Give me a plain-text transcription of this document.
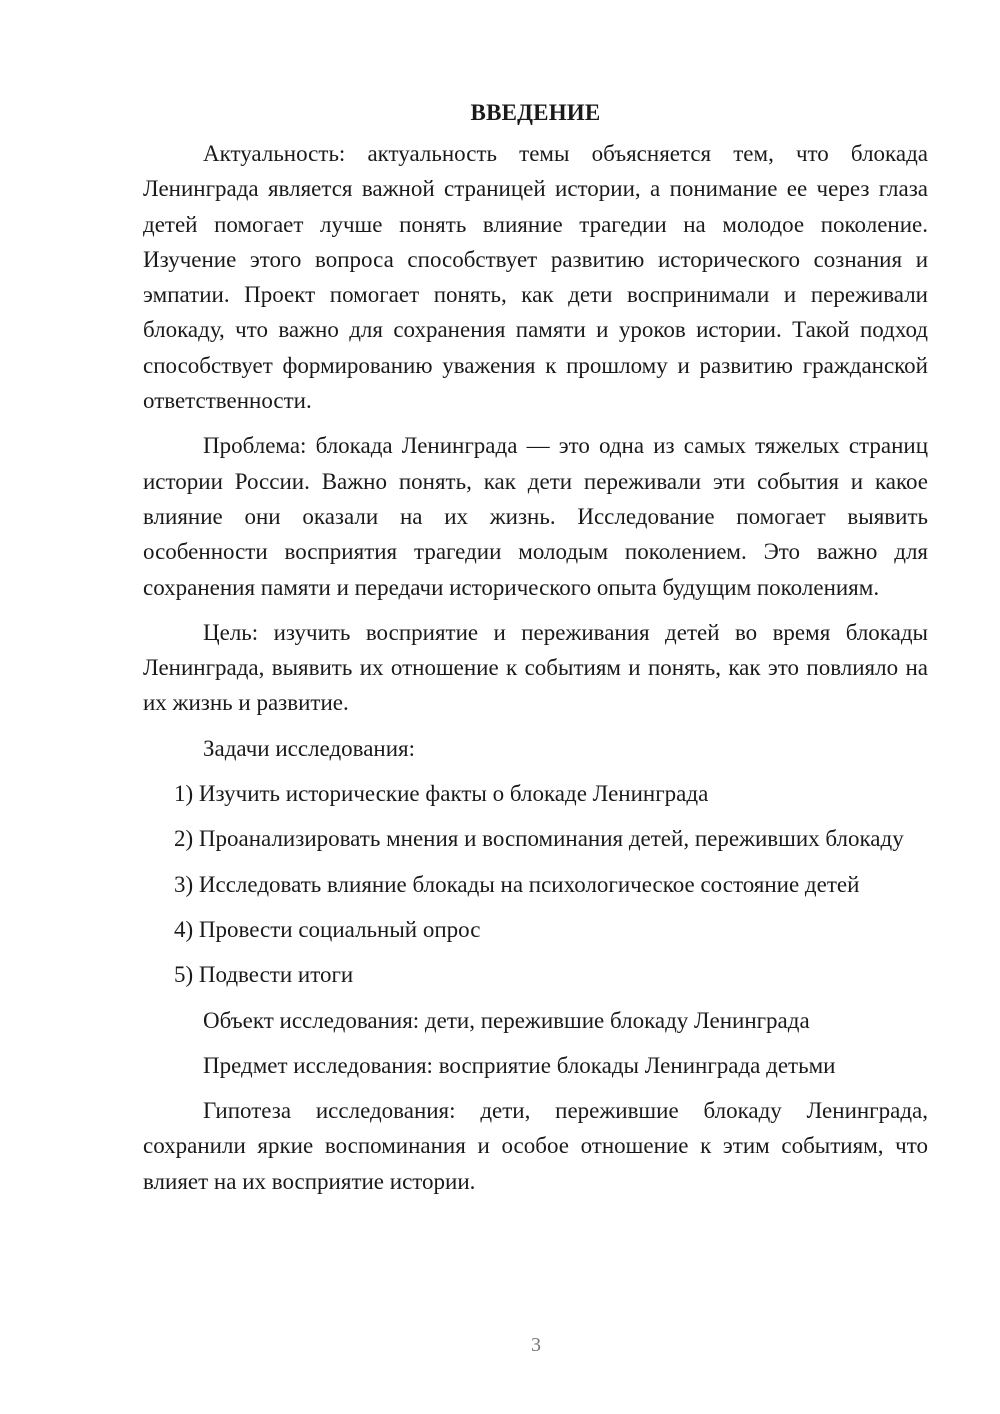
ВВЕДЕНИЕ

Актуальность: актуальность темы объясняется тем, что блокада Ленинграда является важной страницей истории, а понимание ее через глаза детей помогает лучше понять влияние трагедии на молодое поколение. Изучение этого вопроса способствует развитию исторического сознания и эмпатии. Проект помогает понять, как дети воспринимали и переживали блокаду, что важно для сохранения памяти и уроков истории. Такой подход способствует формированию уважения к прошлому и развитию гражданской ответственности.

Проблема: блокада Ленинграда — это одна из самых тяжелых страниц истории России. Важно понять, как дети переживали эти события и какое влияние они оказали на их жизнь. Исследование помогает выявить особенности восприятия трагедии молодым поколением. Это важно для сохранения памяти и передачи исторического опыта будущим поколениям.

Цель: изучить восприятие и переживания детей во время блокады Ленинграда, выявить их отношение к событиям и понять, как это повлияло на их жизнь и развитие.

Задачи исследования:

1) Изучить исторические факты о блокаде Ленинграда

2) Проанализировать мнения и воспоминания детей, переживших блокаду

3) Исследовать влияние блокады на психологическое состояние детей

4) Провести социальный опрос

5) Подвести итоги

Объект исследования: дети, пережившие блокаду Ленинграда

Предмет исследования: восприятие блокады Ленинграда детьми

Гипотеза исследования: дети, пережившие блокаду Ленинграда, сохранили яркие воспоминания и особое отношение к этим событиям, что влияет на их восприятие истории.

3
